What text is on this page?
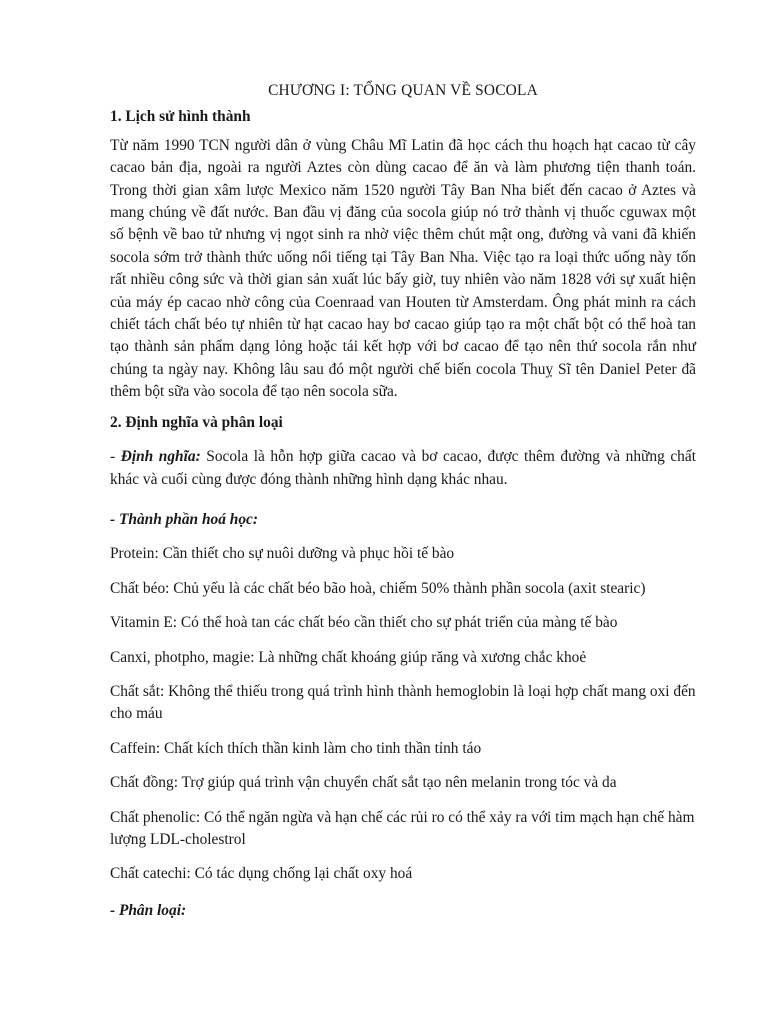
CHƯƠNG I: TỔNG QUAN VỀ SOCOLA
1. Lịch sử hình thành

Từ năm 1990 TCN người dân ở vùng Châu Mĩ Latin đã học cách thu hoạch hạt cacao từ cây cacao bản địa, ngoài ra người Aztes còn dùng cacao để ăn và làm phương tiện thanh toán. Trong thời gian xâm lược Mexico năm 1520 người Tây Ban Nha biết đến cacao ở Aztes và mang chúng về đất nước. Ban đầu vị đăng của socola giúp nó trở thành vị thuốc cguwax một số bệnh về bao tử nhưng vị ngọt sinh ra nhờ việc thêm chút mật ong, đường và vani đã khiến socola sớm trở thành thức uống nổi tiếng tại Tây Ban Nha. Việc tạo ra loại thức uống này tốn rất nhiều công sức và thời gian sản xuất lúc bấy giờ, tuy nhiên vào năm 1828 với sự xuất hiện của máy ép cacao nhờ công của Coenraad van Houten từ Amsterdam. Ông phát minh ra cách chiết tách chất béo tự nhiên từ hạt cacao hay bơ cacao giúp tạo ra một chất bột có thể hoà tan tạo thành sản phẩm dạng lỏng hoặc tái kết hợp với bơ cacao để tạo nên thứ socola rắn như chúng ta ngày nay. Không lâu sau đó một người chế biến cocola Thuỵ Sĩ tên Daniel Peter đã thêm bột sữa vào socola để tạo nên socola sữa.

2. Định nghĩa và phân loại

- Định nghĩa: Socola là hỗn hợp giữa cacao và bơ cacao, được thêm đường và những chất khác và cuối cùng được đóng thành những hình dạng khác nhau.

- Thành phần hoá học:
Protein: Cần thiết cho sự nuôi dưỡng và phục hồi tế bào
Chất béo: Chủ yếu là các chất béo bão hoà, chiếm 50% thành phần socola (axit stearic)
Vitamin E: Có thể hoà tan các chất béo cần thiết cho sự phát triển của màng tế bào
Canxi, photpho, magie: Là những chất khoáng giúp răng và xương chắc khoẻ
Chất sắt: Không thể thiếu trong quá trình hình thành hemoglobin là loại hợp chất mang oxi đến cho máu
Caffein: Chất kích thích thần kinh làm cho tinh thần tỉnh táo
Chất đồng: Trợ giúp quá trình vận chuyển chất sắt tạo nên melanin trong tóc và da
Chất phenolic: Có thể ngăn ngừa và hạn chế các rủi ro có thể xảy ra với tim mạch hạn chế hàm lượng LDL-cholestrol
Chất catechi: Có tác dụng chống lại chất oxy hoá
- Phân loại:
